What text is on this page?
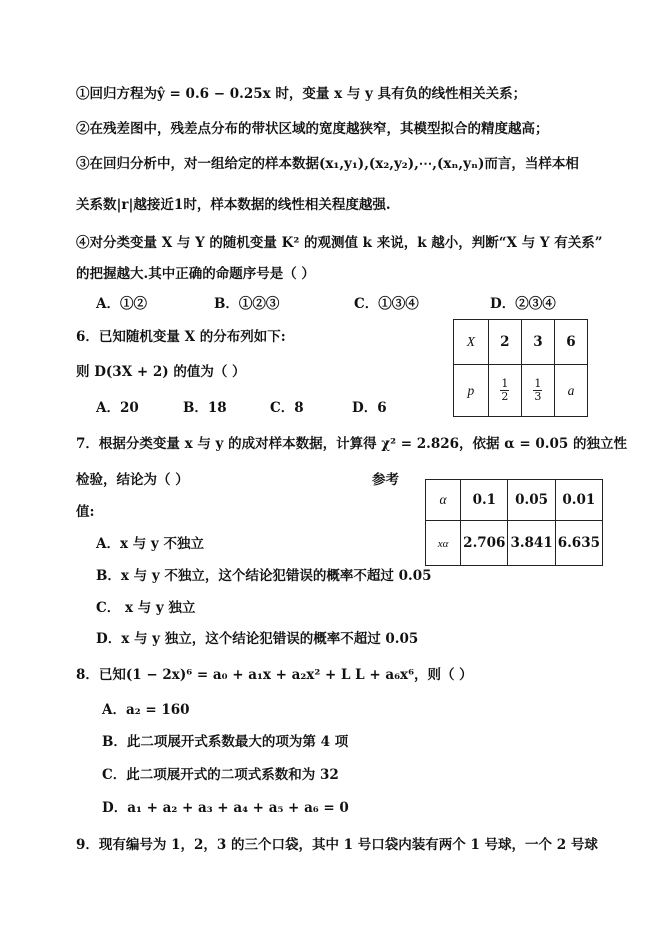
①回归方程为ŷ = 0.6 − 0.25x 时，变量 x 与 y 具有负的线性相关关系；
②在残差图中，残差点分布的带状区域的宽度越狭窄，其模型拟合的精度越高；
③在回归分析中，对一组给定的样本数据(x₁,y₁),(x₂,y₂),⋯,(xₙ,yₙ)而言，当样本相
关系数|r|越接近1时，样本数据的线性相关程度越强.
④对分类变量 X 与 Y 的随机变量 K² 的观测值 k 来说，k 越小，判断“X 与 Y 有关系”
的把握越大.其中正确的命题序号是（ ）
A．①②	B．①②③	C．①③④	D．②③④
6．已知随机变量 X 的分布列如下:
则 D(3X + 2) 的值为（ ）
A．20	B．18	C．8	D．6
X	2	3	6
p	$\frac{1}{2}$	$\frac{1}{3}$	a
7．根据分类变量 x 与 y 的成对样本数据，计算得 χ² = 2.826，依据 α = 0.05 的独立性
检验，结论为（ ）	参考
值:
α	0.1	0.05	0.01
xα	2.706	3.841	6.635
A．x 与 y 不独立
B．x 与 y 不独立，这个结论犯错误的概率不超过 0.05
C． x 与 y 独立
D．x 与 y 独立，这个结论犯错误的概率不超过 0.05
8．已知(1 − 2x)⁶ = a₀ + a₁x + a₂x² + L L + a₆x⁶，则（ ）
A．a₂ = 160
B．此二项展开式系数最大的项为第 4 项
C．此二项展开式的二项式系数和为 32
D．a₁ + a₂ + a₃ + a₄ + a₅ + a₆ = 0
9．现有编号为 1，2，3 的三个口袋，其中 1 号口袋内装有两个 1 号球，一个 2 号球
